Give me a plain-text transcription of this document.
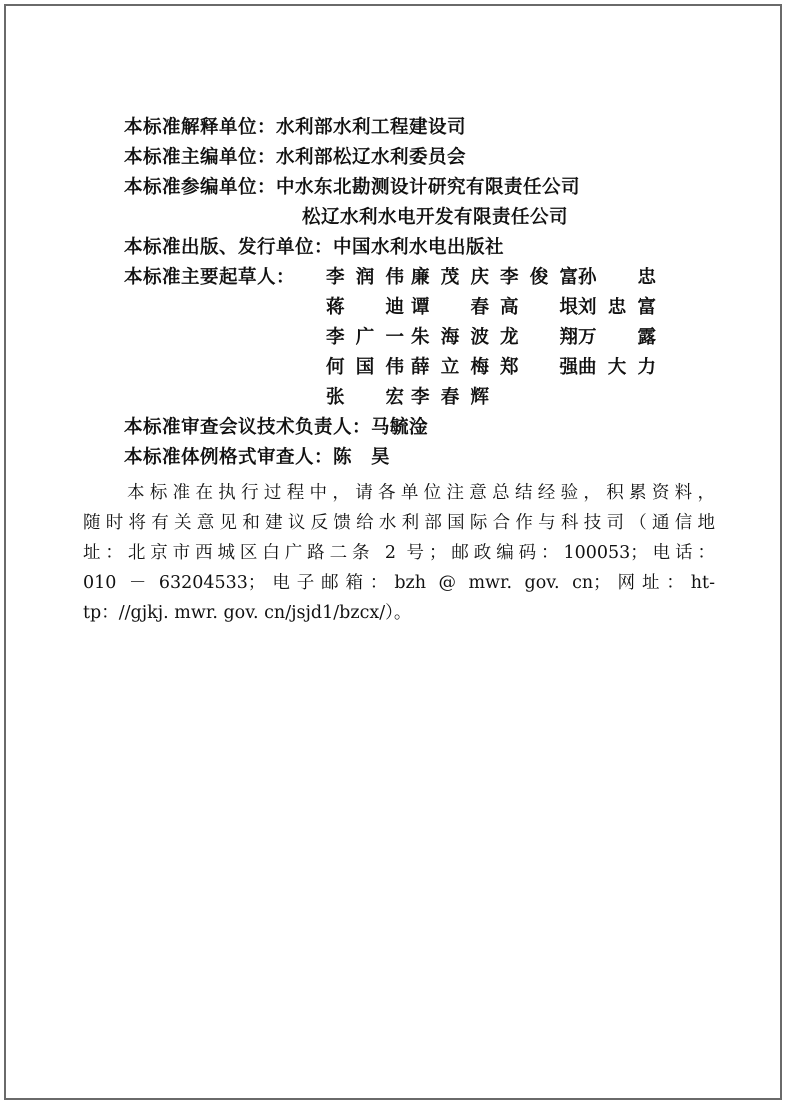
本标准解释单位：水利部水利工程建设司
本标准主编单位：水利部松辽水利委员会
本标准参编单位：中水东北勘测设计研究有限责任公司
松辽水利水电开发有限责任公司
本标准出版、发行单位：中国水利水电出版社
本标准主要起草人： 李润伟 廉茂庆 李俊富 孙　忠
蒋　迪 谭　春 高　垠 刘忠富
李广一 朱海波 龙　翔 万　露
何国伟 薛立梅 郑　强 曲大力
张　宏 李春辉
本标准审查会议技术负责人：马毓淦
本标准体例格式审查人：陈　昊
本标准在执行过程中，请各单位注意总结经验，积累资料，
随时将有关意见和建议反馈给水利部国际合作与科技司（通信地
址：北京市西城区白广路二条 2 号；邮政编码：100053；电话：
010 － 63204533；电子邮箱：bzh @ mwr. gov. cn；网址：ht-
tp：//gjkj. mwr. gov. cn/jsjd1/bzcx/）。
